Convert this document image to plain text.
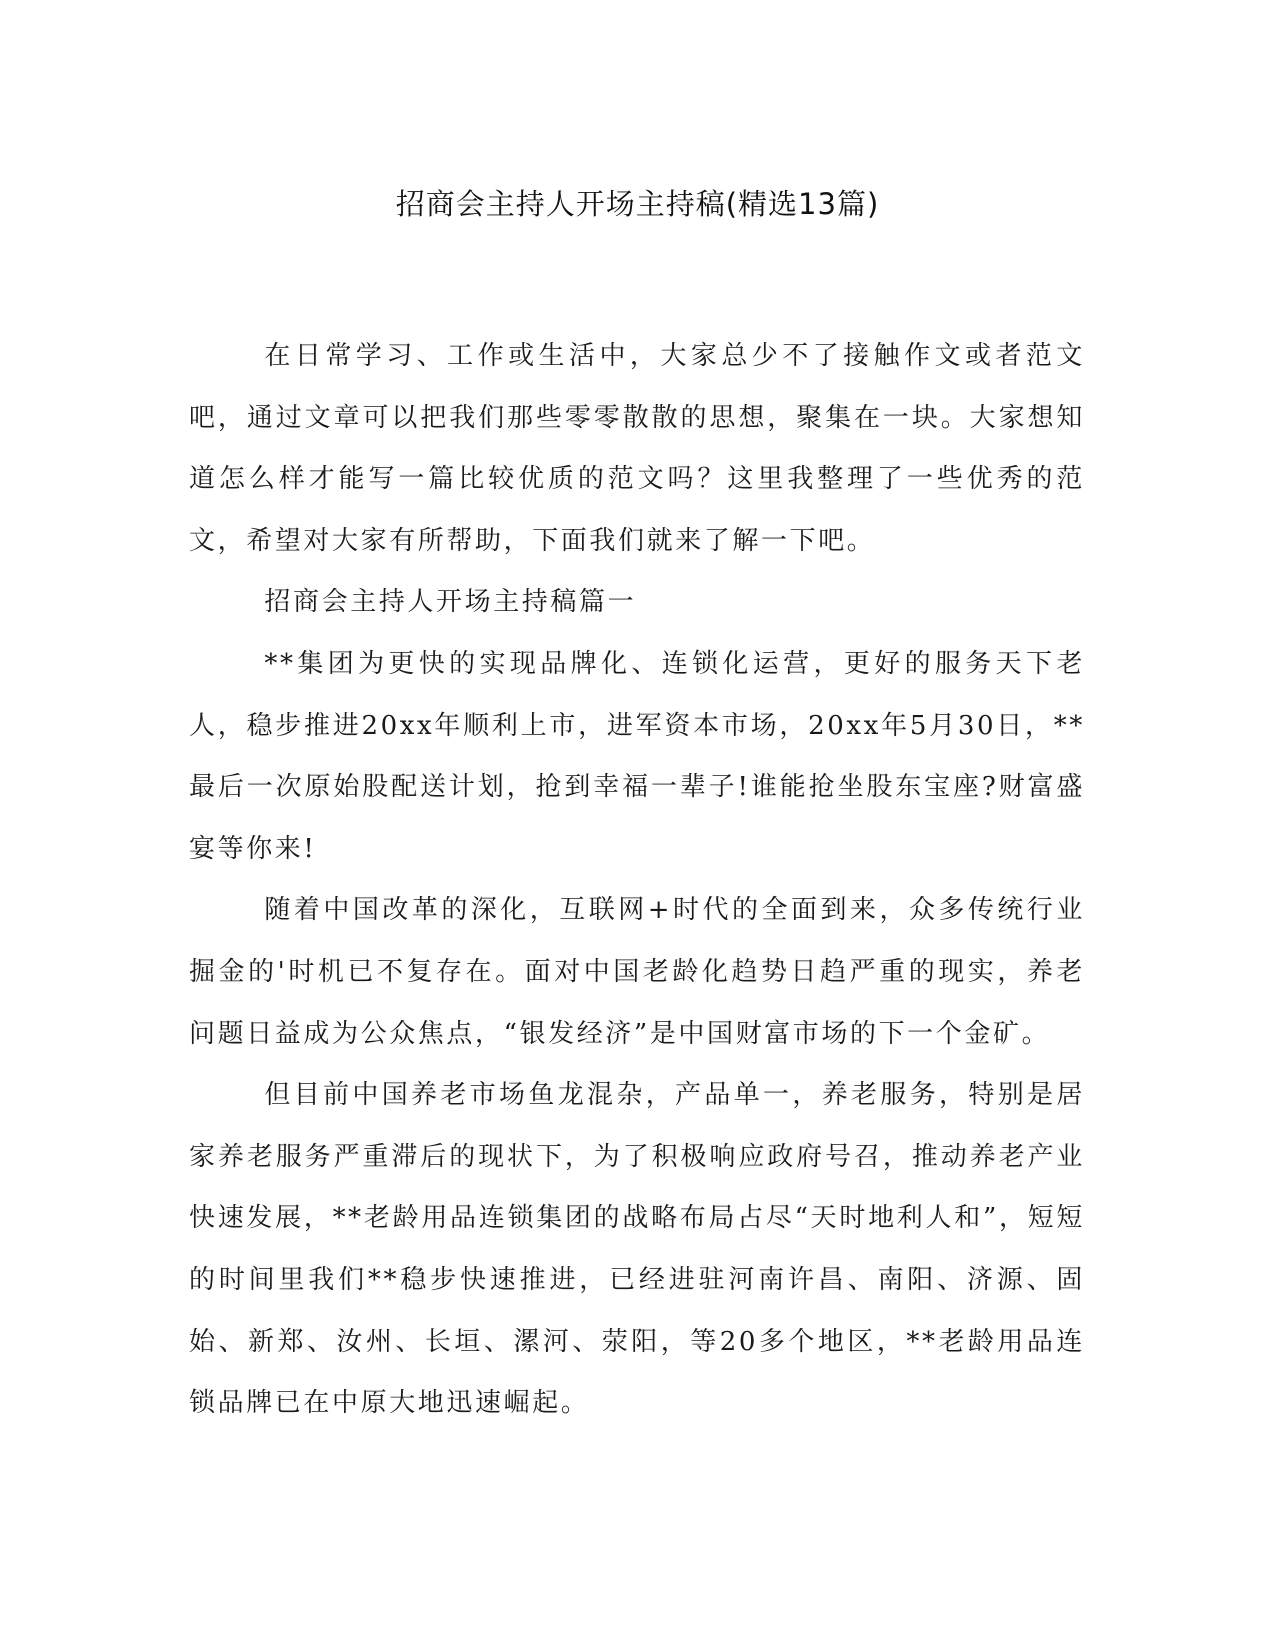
招商会主持人开场主持稿(精选13篇)

在日常学习、工作或生活中，大家总少不了接触作文或者范文吧，通过文章可以把我们那些零零散散的思想，聚集在一块。大家想知道怎么样才能写一篇比较优质的范文吗？这里我整理了一些优秀的范文，希望对大家有所帮助，下面我们就来了解一下吧。

招商会主持人开场主持稿篇一

**集团为更快的实现品牌化、连锁化运营，更好的服务天下老人，稳步推进20xx年顺利上市，进军资本市场，20xx年5月30日，**最后一次原始股配送计划，抢到幸福一辈子!谁能抢坐股东宝座?财富盛宴等你来!

随着中国改革的深化，互联网+时代的全面到来，众多传统行业掘金的'时机已不复存在。面对中国老龄化趋势日趋严重的现实，养老问题日益成为公众焦点，“银发经济”是中国财富市场的下一个金矿。

但目前中国养老市场鱼龙混杂，产品单一，养老服务，特别是居家养老服务严重滞后的现状下，为了积极响应政府号召，推动养老产业快速发展，**老龄用品连锁集团的战略布局占尽“天时地利人和”，短短的时间里我们**稳步快速推进，已经进驻河南许昌、南阳、济源、固始、新郑、汝州、长垣、漯河、荥阳，等20多个地区，**老龄用品连锁品牌已在中原大地迅速崛起。
